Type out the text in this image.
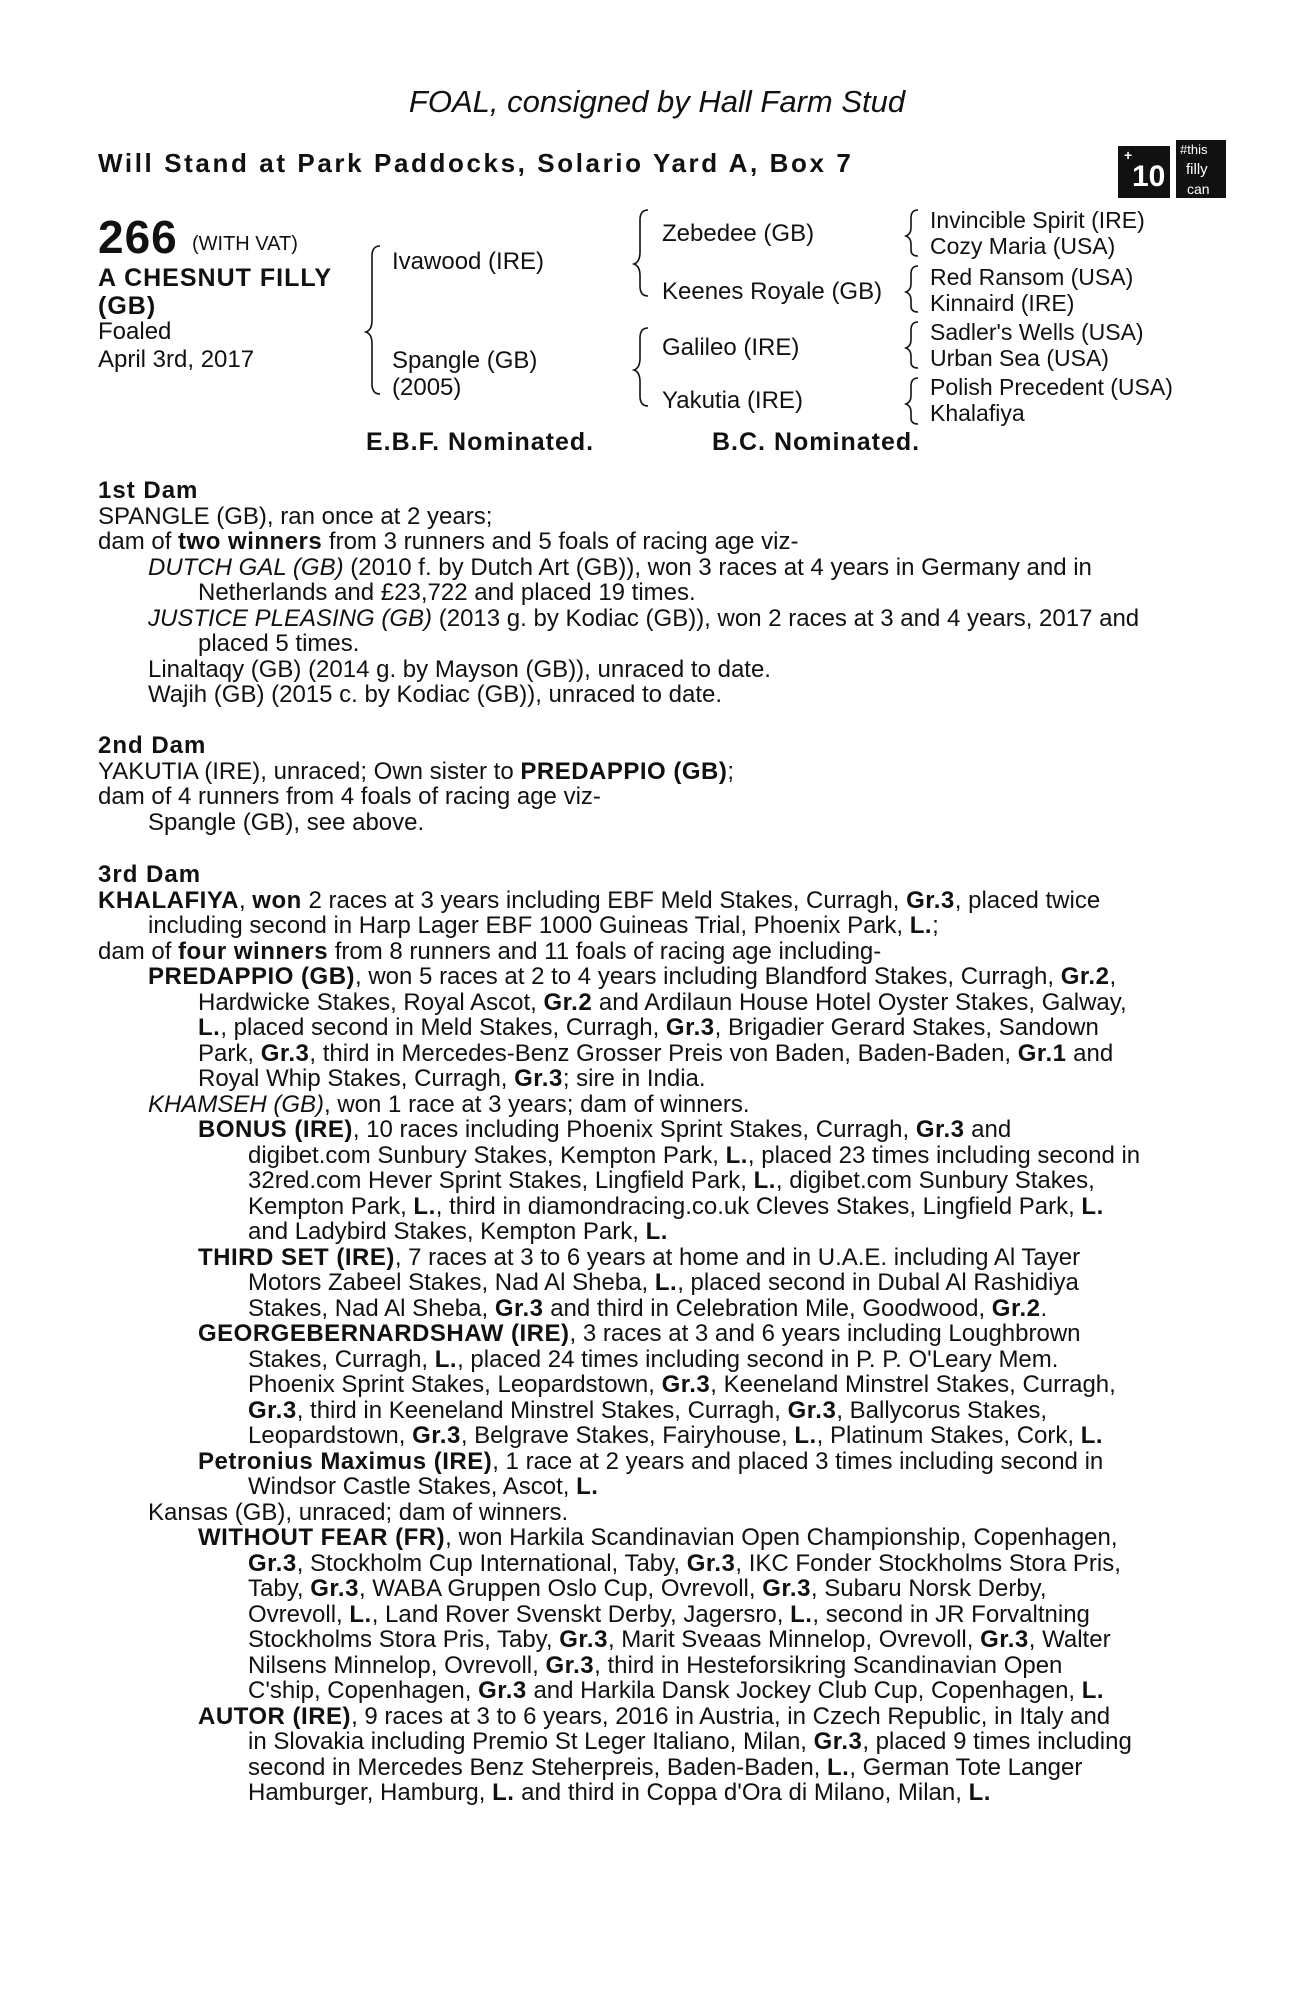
FOAL, consigned by Hall Farm Stud
Will Stand at Park Paddocks, Solario Yard A, Box 7	+
10
#this
filly
can
266 (WITH VAT)
A CHESNUT FILLY
(GB)
Foaled
April 3rd, 2017
Ivawood (IRE)
Spangle (GB)
(2005)
Zebedee (GB)
Keenes Royale (GB)
Galileo (IRE)
Yakutia (IRE)
Invincible Spirit (IRE)
Cozy Maria (USA)
Red Ransom (USA)
Kinnaird (IRE)
Sadler's Wells (USA)
Urban Sea (USA)
Polish Precedent (USA)
Khalafiya
E.B.F. Nominated.	B.C. Nominated.
1st Dam
SPANGLE (GB), ran once at 2 years;
dam of two winners from 3 runners and 5 foals of racing age viz-
DUTCH GAL (GB) (2010 f. by Dutch Art (GB)), won 3 races at 4 years in Germany and in
Netherlands and £23,722 and placed 19 times.
JUSTICE PLEASING (GB) (2013 g. by Kodiac (GB)), won 2 races at 3 and 4 years, 2017 and
placed 5 times.
Linaltaqy (GB) (2014 g. by Mayson (GB)), unraced to date.
Wajih (GB) (2015 c. by Kodiac (GB)), unraced to date.
2nd Dam
YAKUTIA (IRE), unraced; Own sister to PREDAPPIO (GB);
dam of 4 runners from 4 foals of racing age viz-
Spangle (GB), see above.
3rd Dam
KHALAFIYA, won 2 races at 3 years including EBF Meld Stakes, Curragh, Gr.3, placed twice
including second in Harp Lager EBF 1000 Guineas Trial, Phoenix Park, L.;
dam of four winners from 8 runners and 11 foals of racing age including-
PREDAPPIO (GB), won 5 races at 2 to 4 years including Blandford Stakes, Curragh, Gr.2,
Hardwicke Stakes, Royal Ascot, Gr.2 and Ardilaun House Hotel Oyster Stakes, Galway,
L., placed second in Meld Stakes, Curragh, Gr.3, Brigadier Gerard Stakes, Sandown
Park, Gr.3, third in Mercedes-Benz Grosser Preis von Baden, Baden-Baden, Gr.1 and
Royal Whip Stakes, Curragh, Gr.3; sire in India.
KHAMSEH (GB), won 1 race at 3 years; dam of winners.
BONUS (IRE), 10 races including Phoenix Sprint Stakes, Curragh, Gr.3 and
digibet.com Sunbury Stakes, Kempton Park, L., placed 23 times including second in
32red.com Hever Sprint Stakes, Lingfield Park, L., digibet.com Sunbury Stakes,
Kempton Park, L., third in diamondracing.co.uk Cleves Stakes, Lingfield Park, L.
and Ladybird Stakes, Kempton Park, L.
THIRD SET (IRE), 7 races at 3 to 6 years at home and in U.A.E. including Al Tayer
Motors Zabeel Stakes, Nad Al Sheba, L., placed second in Dubal Al Rashidiya
Stakes, Nad Al Sheba, Gr.3 and third in Celebration Mile, Goodwood, Gr.2.
GEORGEBERNARDSHAW (IRE), 3 races at 3 and 6 years including Loughbrown
Stakes, Curragh, L., placed 24 times including second in P. P. O'Leary Mem.
Phoenix Sprint Stakes, Leopardstown, Gr.3, Keeneland Minstrel Stakes, Curragh,
Gr.3, third in Keeneland Minstrel Stakes, Curragh, Gr.3, Ballycorus Stakes,
Leopardstown, Gr.3, Belgrave Stakes, Fairyhouse, L., Platinum Stakes, Cork, L.
Petronius Maximus (IRE), 1 race at 2 years and placed 3 times including second in
Windsor Castle Stakes, Ascot, L.
Kansas (GB), unraced; dam of winners.
WITHOUT FEAR (FR), won Harkila Scandinavian Open Championship, Copenhagen,
Gr.3, Stockholm Cup International, Taby, Gr.3, IKC Fonder Stockholms Stora Pris,
Taby, Gr.3, WABA Gruppen Oslo Cup, Ovrevoll, Gr.3, Subaru Norsk Derby,
Ovrevoll, L., Land Rover Svenskt Derby, Jagersro, L., second in JR Forvaltning
Stockholms Stora Pris, Taby, Gr.3, Marit Sveaas Minnelop, Ovrevoll, Gr.3, Walter
Nilsens Minnelop, Ovrevoll, Gr.3, third in Hesteforsikring Scandinavian Open
C'ship, Copenhagen, Gr.3 and Harkila Dansk Jockey Club Cup, Copenhagen, L.
AUTOR (IRE), 9 races at 3 to 6 years, 2016 in Austria, in Czech Republic, in Italy and
in Slovakia including Premio St Leger Italiano, Milan, Gr.3, placed 9 times including
second in Mercedes Benz Steherpreis, Baden-Baden, L., German Tote Langer
Hamburger, Hamburg, L. and third in Coppa d'Ora di Milano, Milan, L.
